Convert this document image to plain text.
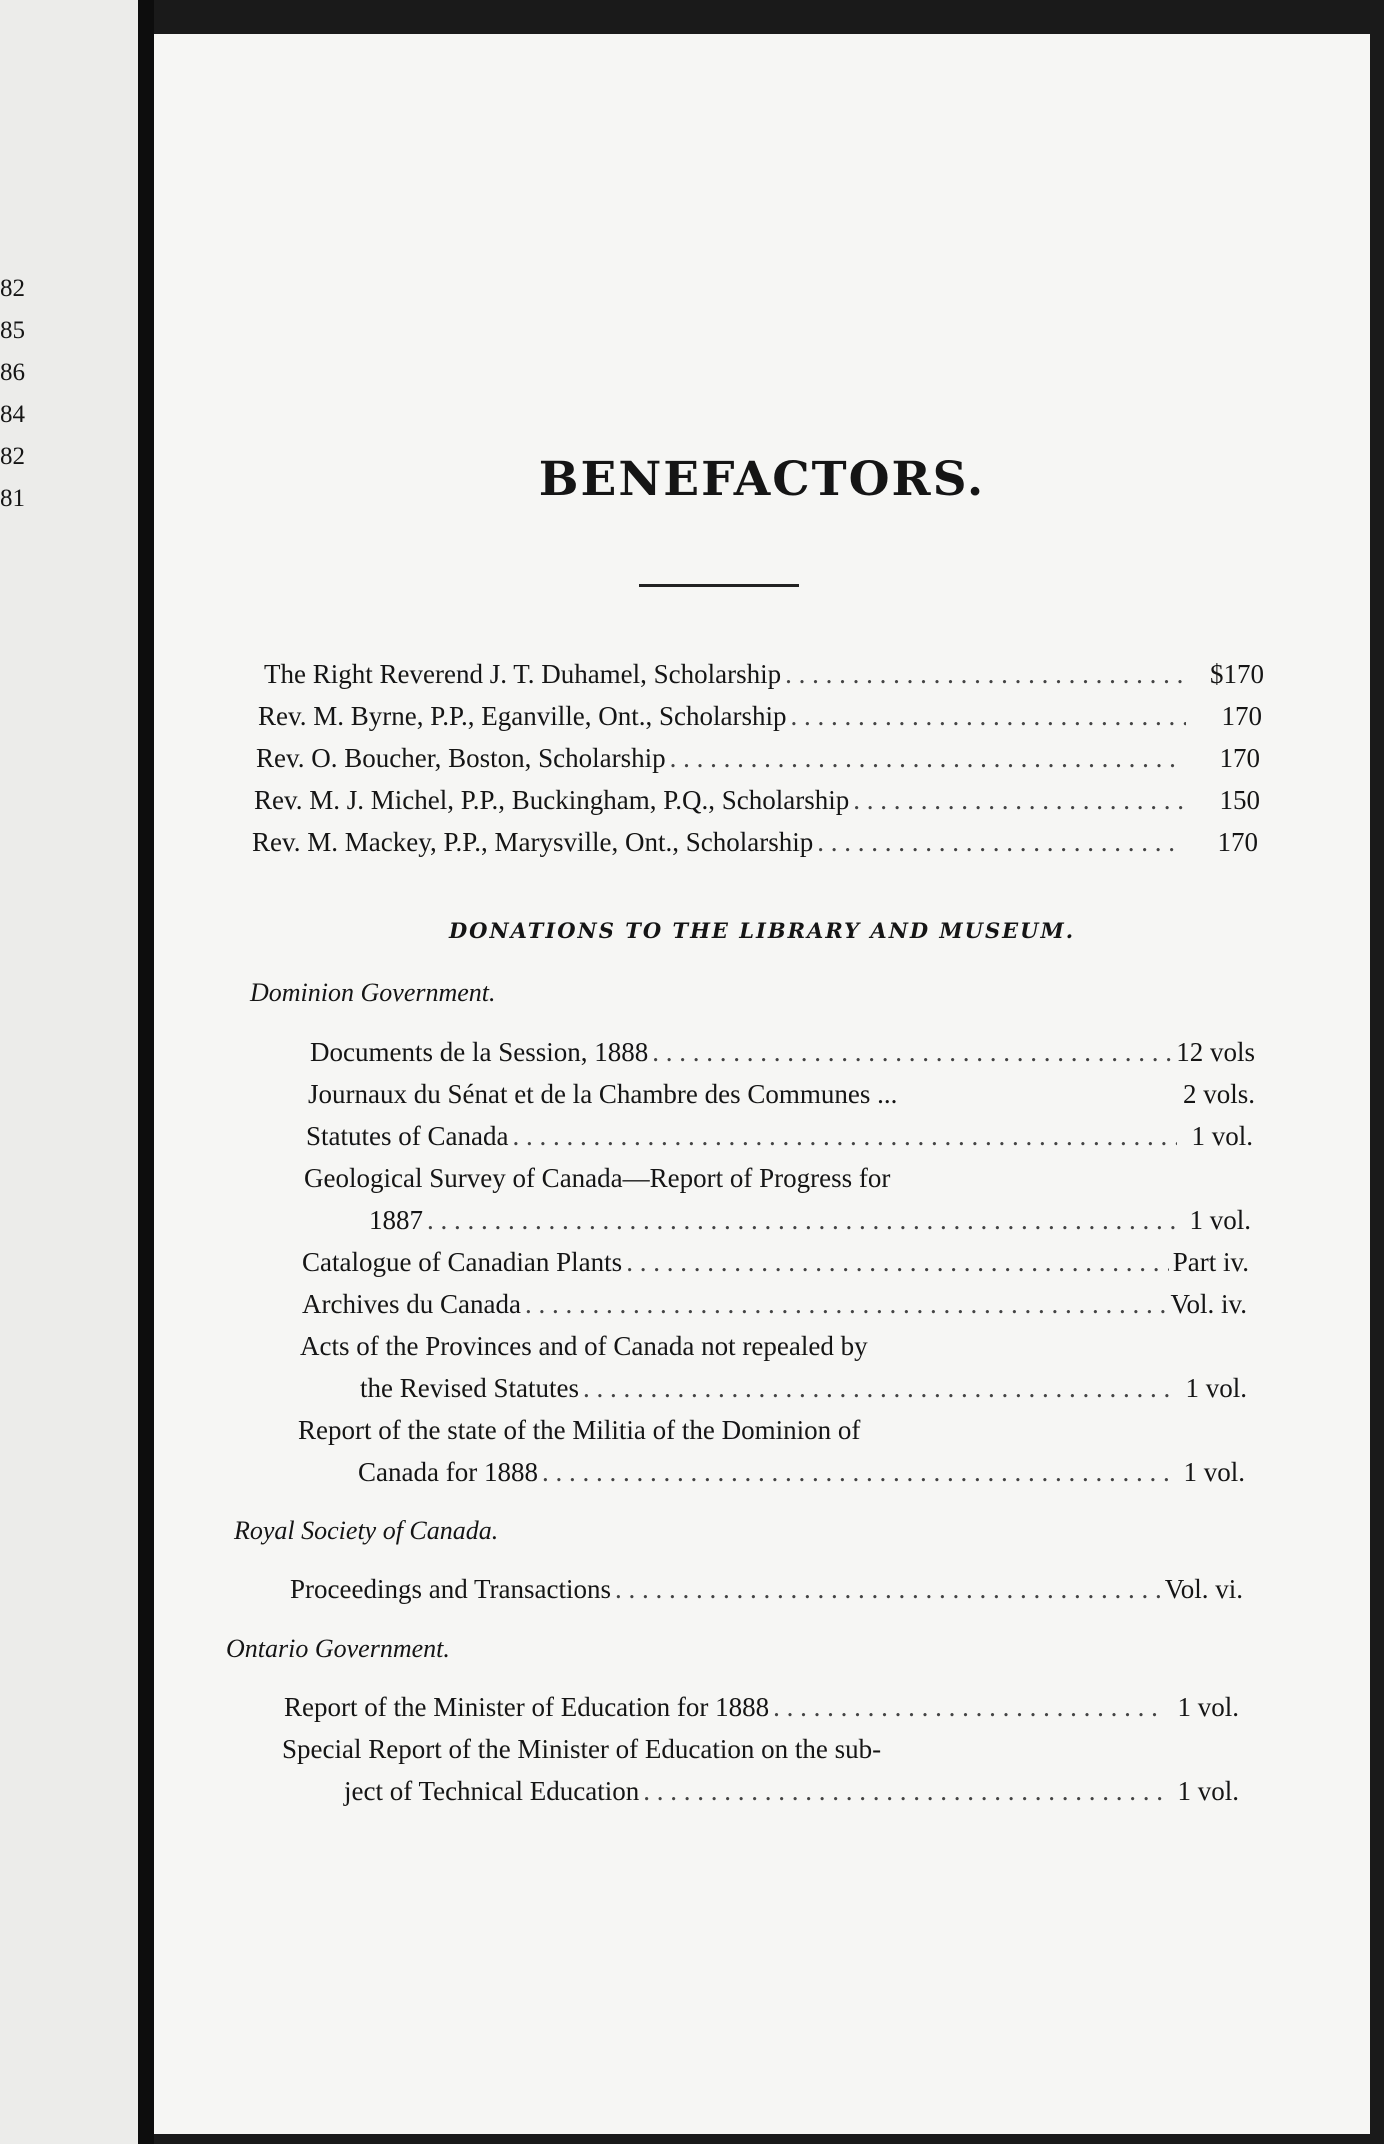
82
85
86
84
82
81	BENEFACTORS.
The Right Reverend J. T. Duhamel, Scholarship . . .	$170
Rev. M. Byrne, P.P., Eganville, Ont., Scholarship . . .	170
Rev. O. Boucher, Boston, Scholarship . . .	170
Rev. M. J. Michel, P.P., Buckingham, P.Q., Scholarship . . .	150
Rev. M. Mackey, P.P., Marysville, Ont., Scholarship . . .	170
DONATIONS TO THE LIBRARY AND MUSEUM.
Dominion Government.
Documents de la Session, 1888 . . .	12 vols
Journaux du Sénat et de la Chambre des Communes ...	2 vols.
Statutes of Canada . . .	1 vol.
Geological Survey of Canada—Report of Progress for
1887 . . .	1 vol.
Catalogue of Canadian Plants . . .	Part iv.
Archives du Canada . . .	Vol. iv.
Acts of the Provinces and of Canada not repealed by
the Revised Statutes . . .	1 vol.
Report of the state of the Militia of the Dominion of
Canada for 1888 . . .	1 vol.
Royal Society of Canada.
Proceedings and Transactions . . .	Vol. vi.
Ontario Government.
Report of the Minister of Education for 1888 . . .	1 vol.
Special Report of the Minister of Education on the sub-
ject of Technical Education . . .	1 vol.
